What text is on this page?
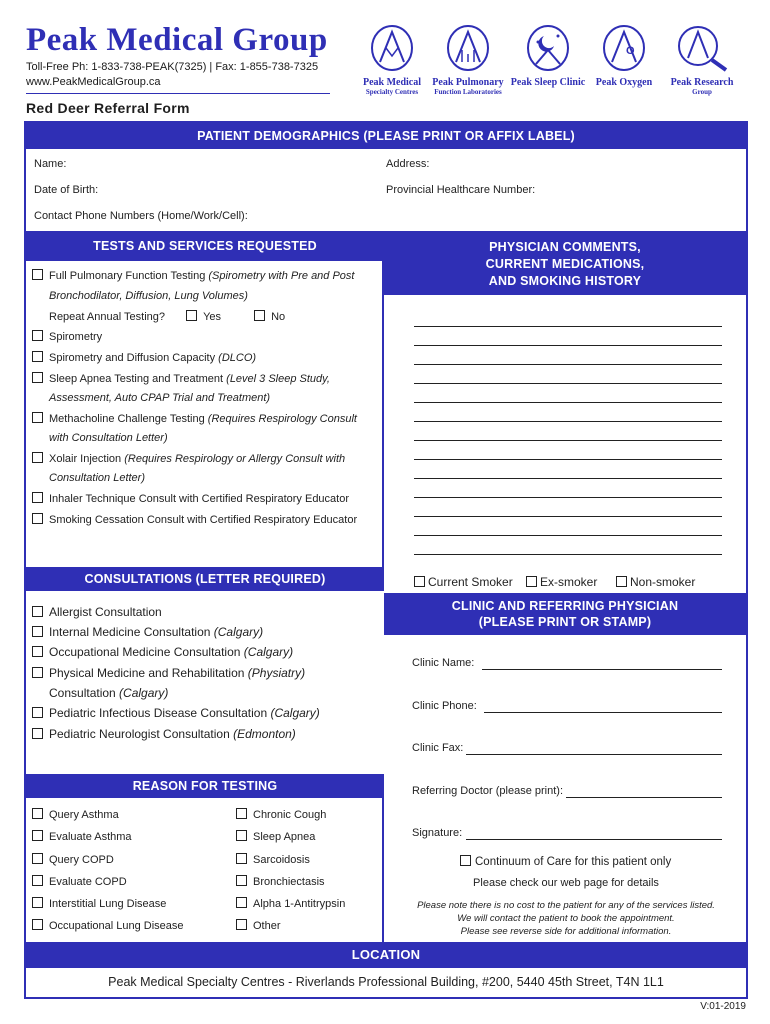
Peak Medical Group
Toll-Free Ph: 1-833-738-PEAK(7325) | Fax: 1-855-738-7325
www.PeakMedicalGroup.ca
Red Deer Referral Form
Peak Medical
Specialty Centres
Peak Pulmonary
Function Laboratories
Peak Sleep Clinic
O
Peak Oxygen	Peak Research
Group
PATIENT DEMOGRAPHICS (PLEASE PRINT OR AFFIX LABEL)
Name:	Address:
Date of Birth:	Provincial Healthcare Number:
Contact Phone Numbers (Home/Work/Cell):
TESTS AND SERVICES REQUESTED
Full Pulmonary Function Testing (Spirometry with Pre and Post
Bronchodilator, Diffusion, Lung Volumes)
Repeat Annual Testing?	Yes	No
Spirometry
Spirometry and Diffusion Capacity (DLCO)
Sleep Apnea Testing and Treatment (Level 3 Sleep Study,
Assessment, Auto CPAP Trial and Treatment)
Methacholine Challenge Testing (Requires Respirology Consult
with Consultation Letter)
Xolair Injection (Requires Respirology or Allergy Consult with
Consultation Letter)
Inhaler Technique Consult with Certified Respiratory Educator
Smoking Cessation Consult with Certified Respiratory Educator
PHYSICIAN COMMENTS,
CURRENT MEDICATIONS,
AND SMOKING HISTORY
CONSULTATIONS (LETTER REQUIRED)
Allergist Consultation
Internal Medicine Consultation (Calgary)
Occupational Medicine Consultation (Calgary)
Physical Medicine and Rehabilitation (Physiatry)
Consultation (Calgary)
Pediatric Infectious Disease Consultation (Calgary)
Pediatric Neurologist Consultation (Edmonton)
Current Smoker	Ex-smoker	Non-smoker
CLINIC AND REFERRING PHYSICIAN
(PLEASE PRINT OR STAMP)
Clinic Name:
Clinic Phone:
Clinic Fax:
Referring Doctor (please print):
Signature:
Continuum of Care for this patient only
Please check our web page for details
Please note there is no cost to the patient for any of the services listed.
We will contact the patient to book the appointment.
Please see reverse side for additional information.
REASON FOR TESTING
Query Asthma
Evaluate Asthma
Query COPD
Evaluate COPD
Interstitial Lung Disease
Occupational Lung Disease
Chronic Cough
Sleep Apnea
Sarcoidosis
Bronchiectasis
Alpha 1-Antitrypsin
Other
LOCATION
Peak Medical Specialty Centres - Riverlands Professional Building, #200, 5440 45th Street, T4N 1L1
V:01-2019
